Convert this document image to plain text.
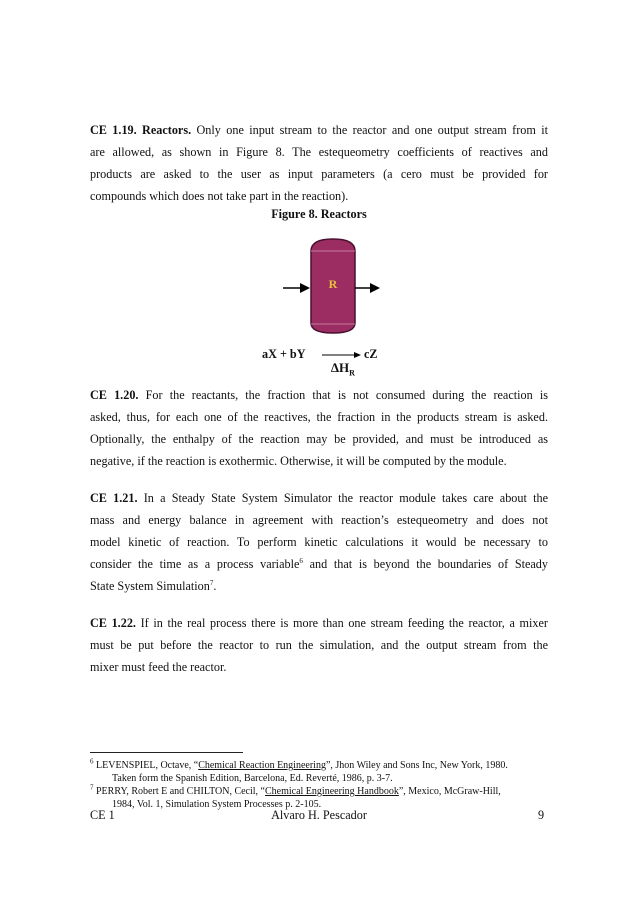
CE 1.19. Reactors. Only one input stream to the reactor and one output stream from it
are allowed, as shown in Figure 8. The estequeometry coefficients of reactives and
products are asked to the user as input parameters (a cero must be provided for
compounds which does not take part in the reaction).
Figure 8. Reactors
R
aX + bY	cZ
$\Delta H_R$
CE 1.20. For the reactants, the fraction that is not consumed during the reaction is
asked, thus, for each one of the reactives, the fraction in the products stream is asked.
Optionally, the enthalpy of the reaction may be provided, and must be introduced as
negative, if the reaction is exothermic. Otherwise, it will be computed by the module.
CE 1.21. In a Steady State System Simulator the reactor module takes care about the
mass and energy balance in agreement with reaction’s estequeometry and does not
model kinetic of reaction. To perform kinetic calculations it would be necessary to
consider the time as a process variable$^6$ and that is beyond the boundaries of Steady
State System Simulation$^7$.
CE 1.22. If in the real process there is more than one stream feeding the reactor, a mixer
must be put before the reactor to run the simulation, and the output stream from the
mixer must feed the reactor.
$^6$ LEVENSPIEL, Octave, “Chemical Reaction Engineering”, Jhon Wiley and Sons Inc, New York, 1980.
Taken form the Spanish Edition, Barcelona, Ed. Reverté, 1986, p. 3-7.
$^7$ PERRY, Robert E and CHILTON, Cecil, “Chemical Engineering Handbook”, Mexico, McGraw-Hill,
1984, Vol. 1, Simulation System Processes p. 2-105.
CE 1	Alvaro H. Pescador	9
